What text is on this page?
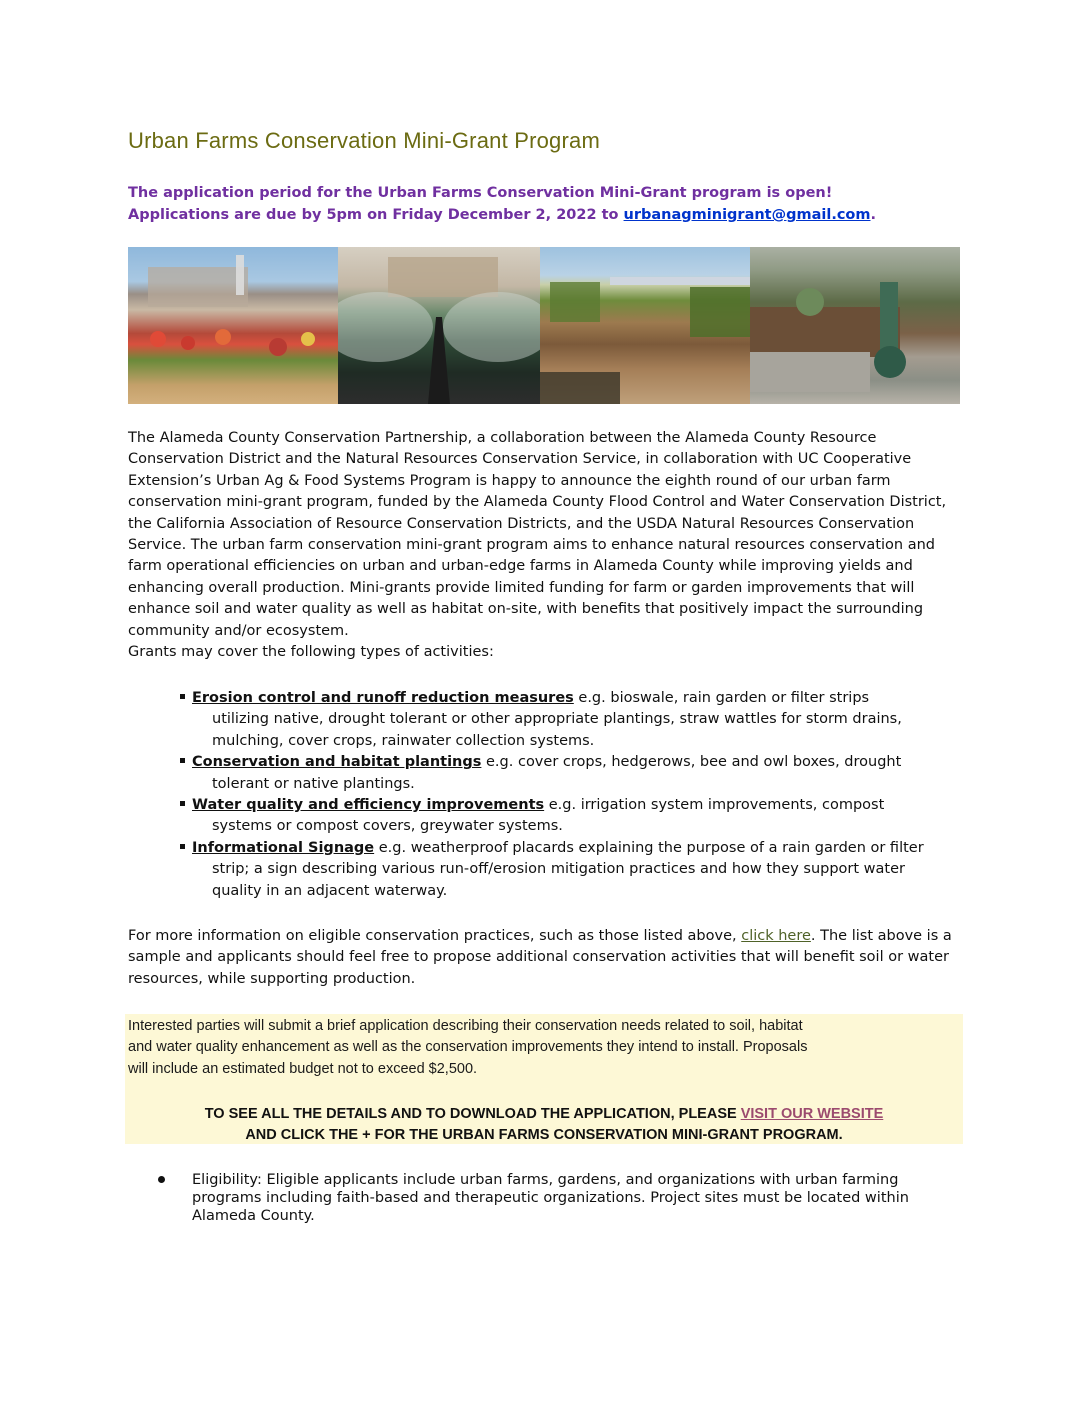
Urban Farms Conservation Mini-Grant Program
The application period for the Urban Farms Conservation Mini-Grant program is open!
Applications are due by 5pm on Friday December 2, 2022 to urbanagminigrant@gmail.com.
The Alameda County Conservation Partnership, a collaboration between the Alameda County Resource Conservation District and the Natural Resources Conservation Service, in collaboration with UC Cooperative Extension’s Urban Ag & Food Systems Program is happy to announce the eighth round of our urban farm conservation mini-grant program, funded by the Alameda County Flood Control and Water Conservation District, the California Association of Resource Conservation Districts, and the USDA Natural Resources Conservation Service. The urban farm conservation mini-grant program aims to enhance natural resources conservation and farm operational efficiencies on urban and urban-edge farms in Alameda County while improving yields and enhancing overall production. Mini-grants provide limited funding for farm or garden improvements that will enhance soil and water quality as well as habitat on-site, with benefits that positively impact the surrounding community and/or ecosystem.
Grants may cover the following types of activities:
Erosion control and runoff reduction measures e.g. bioswale, rain garden or filter strips
utilizing native, drought tolerant or other appropriate plantings, straw wattles for storm drains,
mulching, cover crops, rainwater collection systems.
Conservation and habitat plantings e.g. cover crops, hedgerows, bee and owl boxes, drought
tolerant or native plantings.
Water quality and efficiency improvements e.g. irrigation system improvements, compost
systems or compost covers, greywater systems.
Informational Signage e.g. weatherproof placards explaining the purpose of a rain garden or filter
strip; a sign describing various run-off/erosion mitigation practices and how they support water
quality in an adjacent waterway.
For more information on eligible conservation practices, such as those listed above, click here. The list above is a sample and applicants should feel free to propose additional conservation activities that will benefit soil or water resources, while supporting production.
Interested parties will submit a brief application describing their conservation needs related to soil, habitat
and water quality enhancement as well as the conservation improvements they intend to install. Proposals
will include an estimated budget not to exceed $2,500.
TO SEE ALL THE DETAILS AND TO DOWNLOAD THE APPLICATION, PLEASE VISIT OUR WEBSITE
AND CLICK THE + FOR THE URBAN FARMS CONSERVATION MINI-GRANT PROGRAM.
Eligibility: Eligible applicants include urban farms, gardens, and organizations with urban farming programs including faith-based and therapeutic organizations. Project sites must be located within Alameda County.
